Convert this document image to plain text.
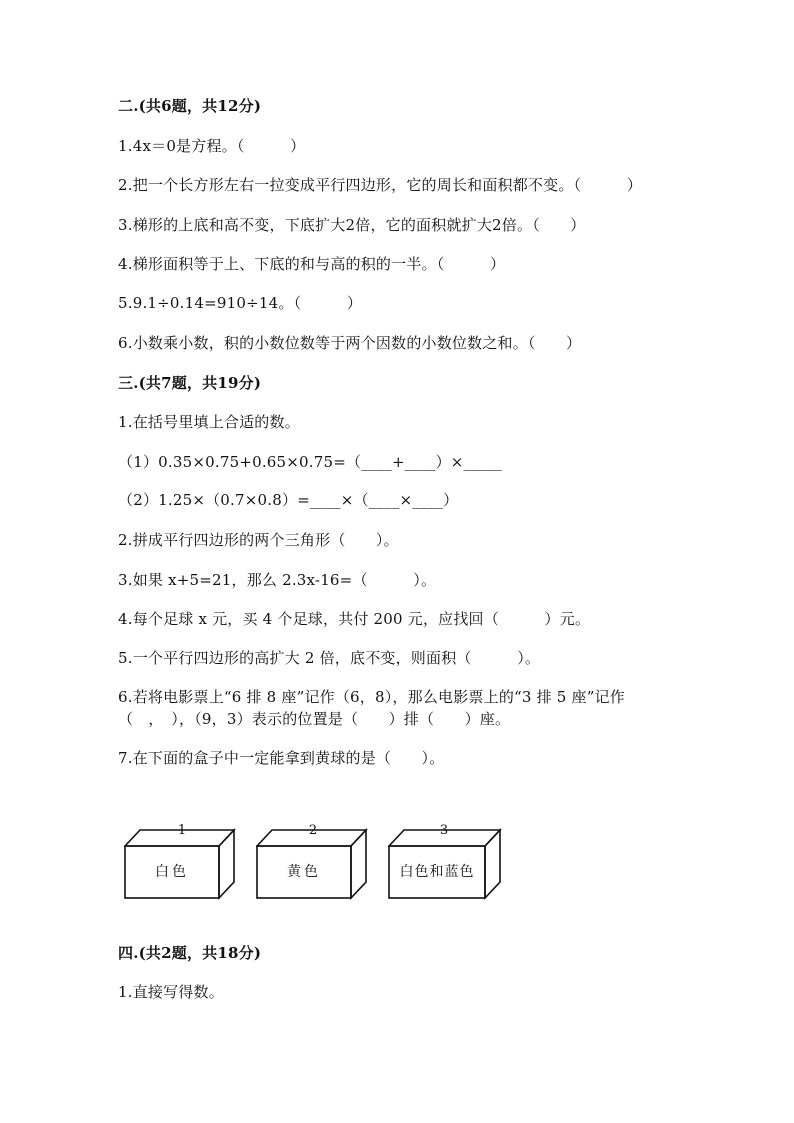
二.(共6题，共12分)
1.4x＝0是方程。（　　　）
2.把一个长方形左右一拉变成平行四边形，它的周长和面积都不变。（　　　）
3.梯形的上底和高不变，下底扩大2倍，它的面积就扩大2倍。（　　）
4.梯形面积等于上、下底的和与高的积的一半。（　　　）
5.9.1÷0.14=910÷14。（　　　）
6.小数乘小数，积的小数位数等于两个因数的小数位数之和。（　　）
三.(共7题，共19分)
1.在括号里填上合适的数。
（1）0.35×0.75+0.65×0.75=（____+____）×_____
（2）1.25×（0.7×0.8）=____×（____×____）
2.拼成平行四边形的两个三角形（　　）。
3.如果 x+5=21，那么 2.3x-16=（　　　）。
4.每个足球 x 元，买 4 个足球，共付 200 元，应找回（　　　）元。
5.一个平行四边形的高扩大 2 倍，底不变，则面积（　　　）。
6.若将电影票上“6 排 8 座”记作（6，8），那么电影票上的“3 排 5 座”记作
（　，　），（9，3）表示的位置是（　　）排（　　）座。
7.在下面的盒子中一定能拿到黄球的是（　　）。
1
白色
2
黄色
3
白色和蓝色
四.(共2题，共18分)
1.直接写得数。
